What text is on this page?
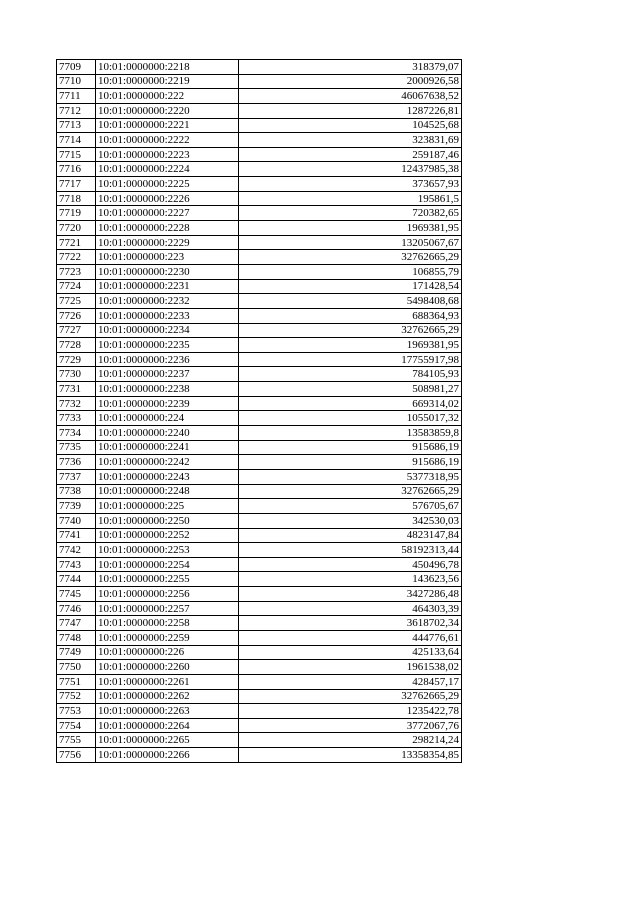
7709	10:01:0000000:2218	318379,07
7710	10:01:0000000:2219	2000926,58
7711	10:01:0000000:222	46067638,52
7712	10:01:0000000:2220	1287226,81
7713	10:01:0000000:2221	104525,68
7714	10:01:0000000:2222	323831,69
7715	10:01:0000000:2223	259187,46
7716	10:01:0000000:2224	12437985,38
7717	10:01:0000000:2225	373657,93
7718	10:01:0000000:2226	195861,5
7719	10:01:0000000:2227	720382,65
7720	10:01:0000000:2228	1969381,95
7721	10:01:0000000:2229	13205067,67
7722	10:01:0000000:223	32762665,29
7723	10:01:0000000:2230	106855,79
7724	10:01:0000000:2231	171428,54
7725	10:01:0000000:2232	5498408,68
7726	10:01:0000000:2233	688364,93
7727	10:01:0000000:2234	32762665,29
7728	10:01:0000000:2235	1969381,95
7729	10:01:0000000:2236	17755917,98
7730	10:01:0000000:2237	784105,93
7731	10:01:0000000:2238	508981,27
7732	10:01:0000000:2239	669314,02
7733	10:01:0000000:224	1055017,32
7734	10:01:0000000:2240	13583859,8
7735	10:01:0000000:2241	915686,19
7736	10:01:0000000:2242	915686,19
7737	10:01:0000000:2243	5377318,95
7738	10:01:0000000:2248	32762665,29
7739	10:01:0000000:225	576705,67
7740	10:01:0000000:2250	342530,03
7741	10:01:0000000:2252	4823147,84
7742	10:01:0000000:2253	58192313,44
7743	10:01:0000000:2254	450496,78
7744	10:01:0000000:2255	143623,56
7745	10:01:0000000:2256	3427286,48
7746	10:01:0000000:2257	464303,39
7747	10:01:0000000:2258	3618702,34
7748	10:01:0000000:2259	444776,61
7749	10:01:0000000:226	425133,64
7750	10:01:0000000:2260	1961538,02
7751	10:01:0000000:2261	428457,17
7752	10:01:0000000:2262	32762665,29
7753	10:01:0000000:2263	1235422,78
7754	10:01:0000000:2264	3772067,76
7755	10:01:0000000:2265	298214,24
7756	10:01:0000000:2266	13358354,85
